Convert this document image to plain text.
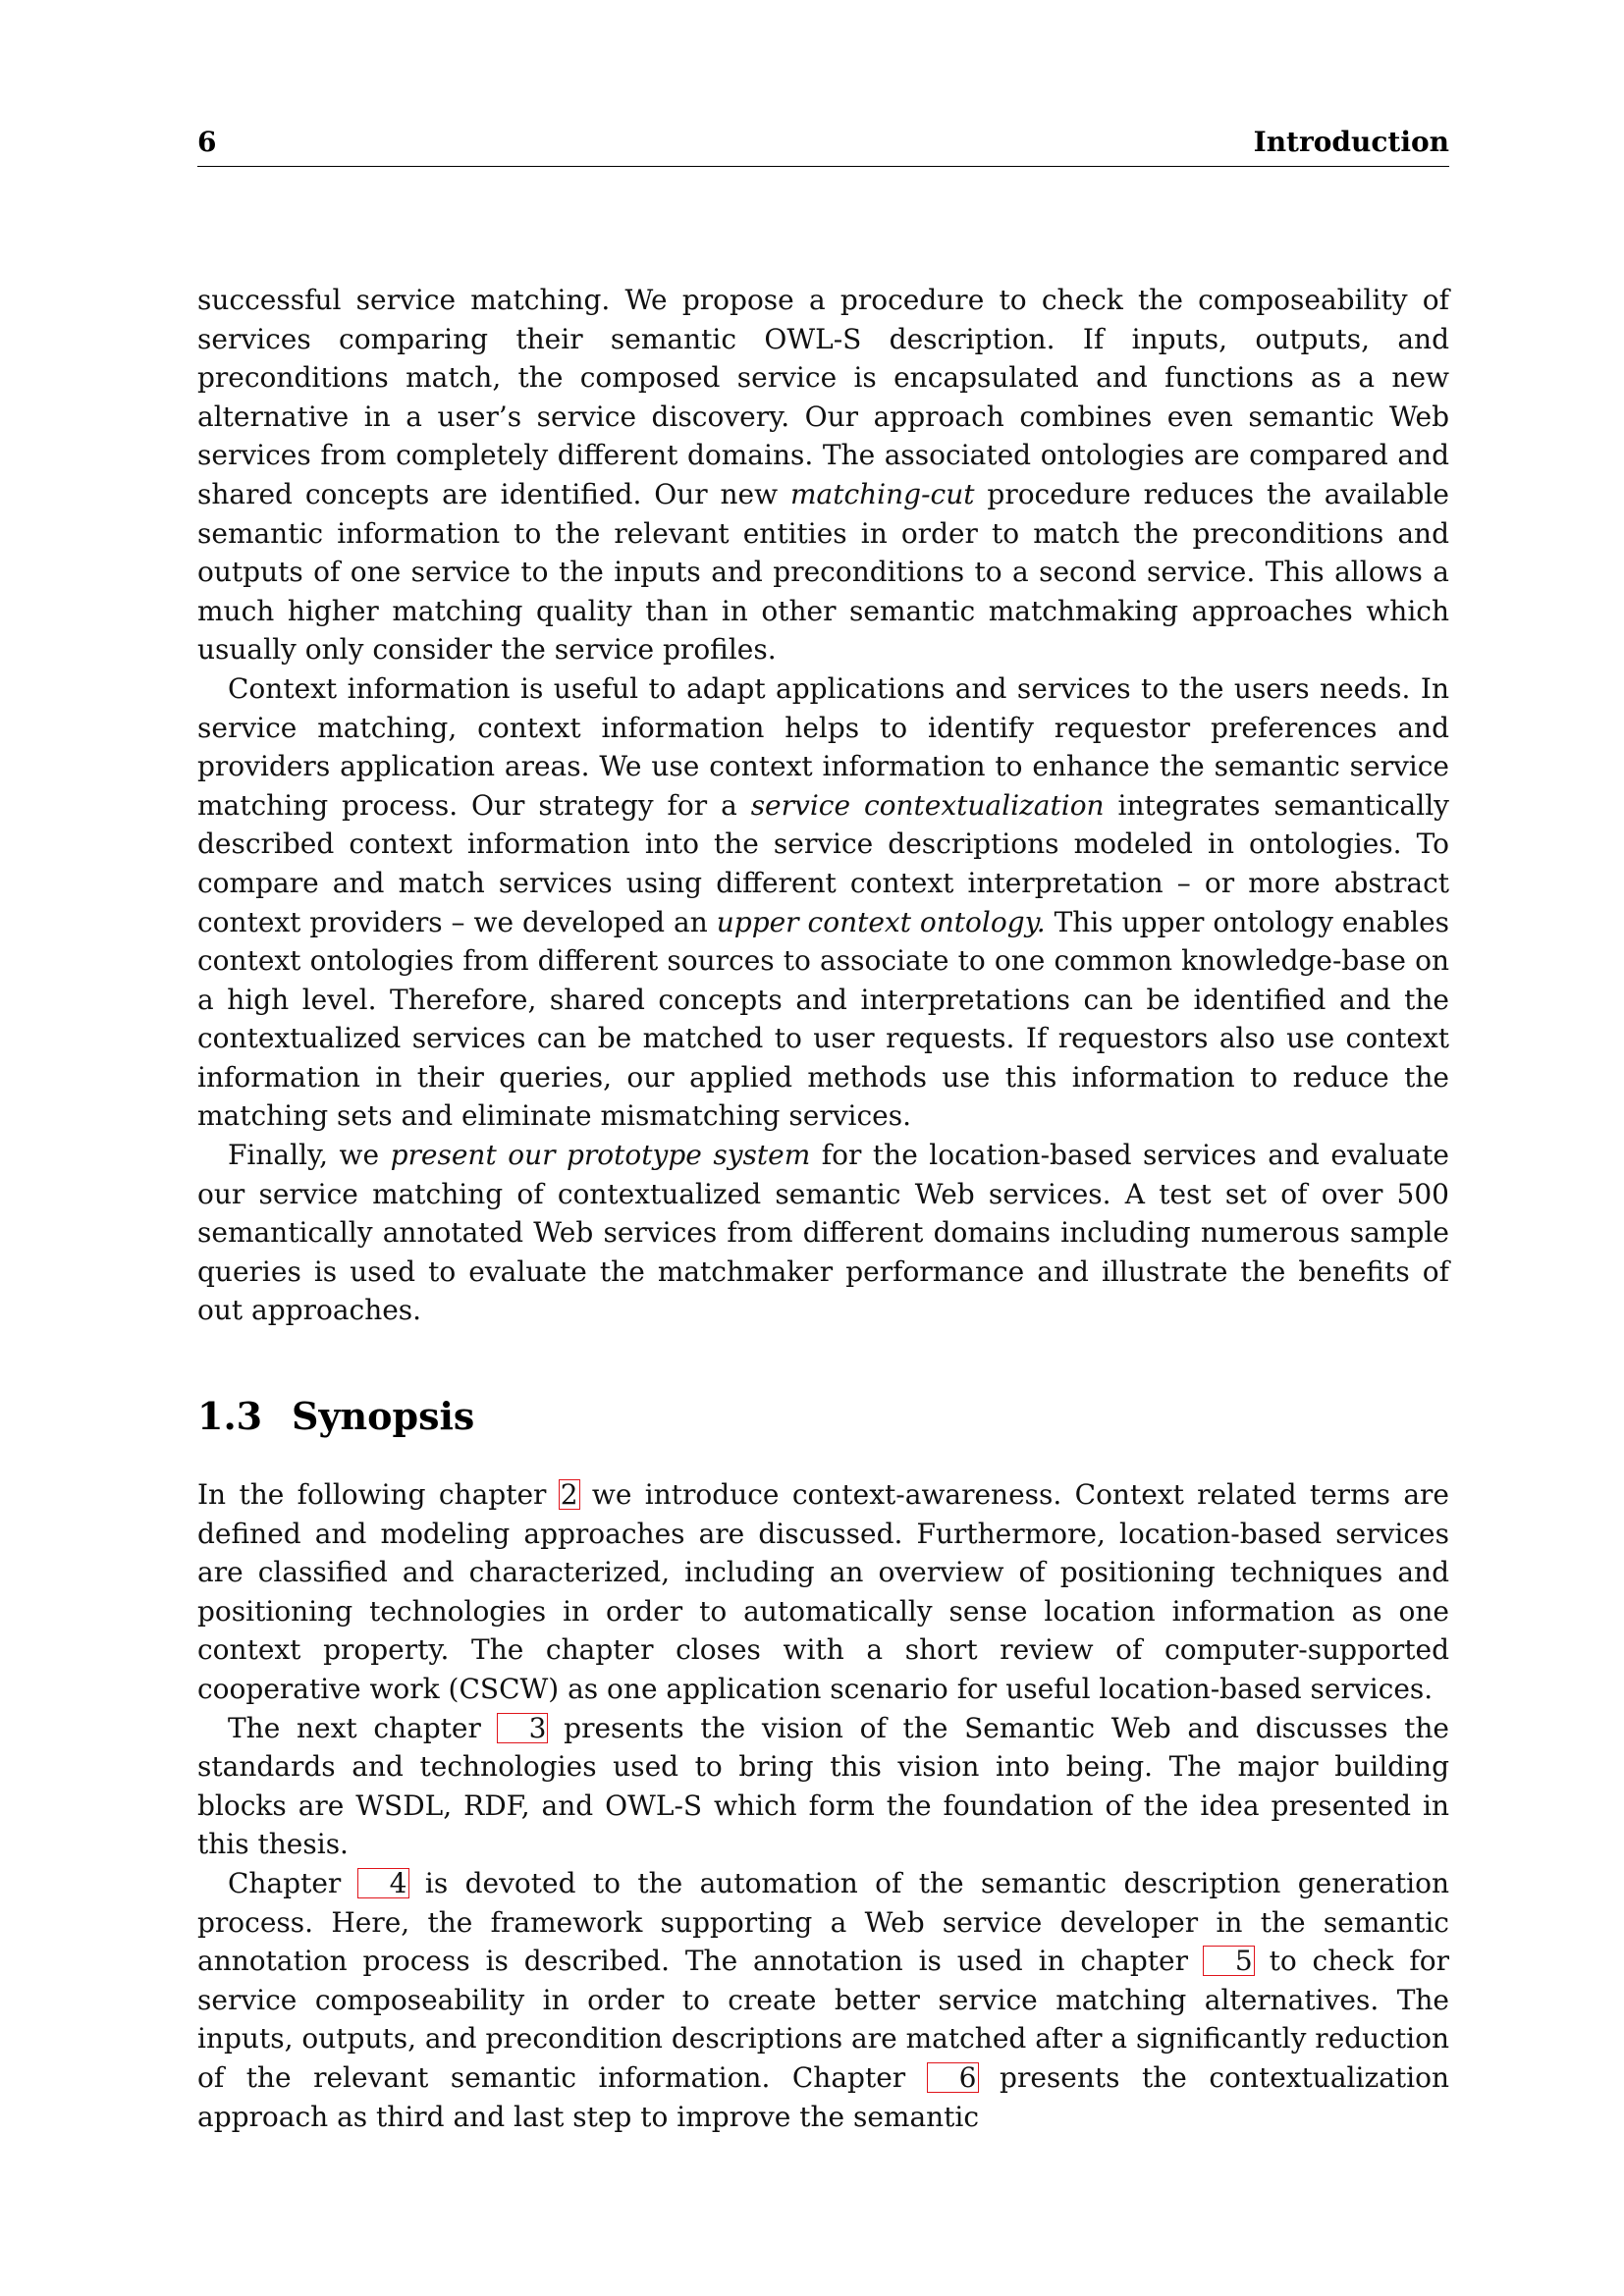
6	Introduction

successful service matching. We propose a procedure to check the composeability of services comparing their semantic OWL-S description. If inputs, outputs, and preconditions match, the composed service is encapsulated and functions as a new alternative in a user’s service discovery. Our approach combines even semantic Web services from completely different domains. The associated ontologies are compared and shared concepts are identified. Our new matching-cut procedure reduces the available semantic information to the relevant entities in order to match the preconditions and outputs of one service to the inputs and preconditions to a second service. This allows a much higher matching quality than in other semantic matchmaking approaches which usually only consider the service profiles.

Context information is useful to adapt applications and services to the users needs. In service matching, context information helps to identify requestor preferences and providers application areas. We use context information to enhance the semantic service matching process. Our strategy for a service contextualization integrates semantically described context information into the service descriptions modeled in ontologies. To compare and match services using different context interpretation – or more abstract context providers – we developed an upper context ontology. This upper ontology enables context ontologies from different sources to associate to one common knowledge-base on a high level. Therefore, shared concepts and interpretations can be identified and the contextualized services can be matched to user requests. If requestors also use context information in their queries, our applied methods use this information to reduce the matching sets and eliminate mismatching services.

Finally, we present our prototype system for the location-based services and evaluate our service matching of contextualized semantic Web services. A test set of over 500 semantically annotated Web services from different domains including numerous sample queries is used to evaluate the matchmaker performance and illustrate the benefits of out approaches.

1.3 Synopsis

In the following chapter 2 we introduce context-awareness. Context related terms are defined and modeling approaches are discussed. Furthermore, location-based services are classified and characterized, including an overview of positioning techniques and positioning technologies in order to automatically sense location information as one context property. The chapter closes with a short review of computer-supported cooperative work (CSCW) as one application scenario for useful location-based services.

The next chapter 3 presents the vision of the Semantic Web and discusses the standards and technologies used to bring this vision into being. The major building blocks are WSDL, RDF, and OWL-S which form the foundation of the idea presented in this thesis.

Chapter 4 is devoted to the automation of the semantic description generation process. Here, the framework supporting a Web service developer in the semantic annotation process is described. The annotation is used in chapter 5 to check for service composeability in order to create better service matching alternatives. The inputs, outputs, and precondition descriptions are matched after a significantly reduction of the relevant semantic information. Chapter 6 presents the contextualization approach as third and last step to improve the semantic
